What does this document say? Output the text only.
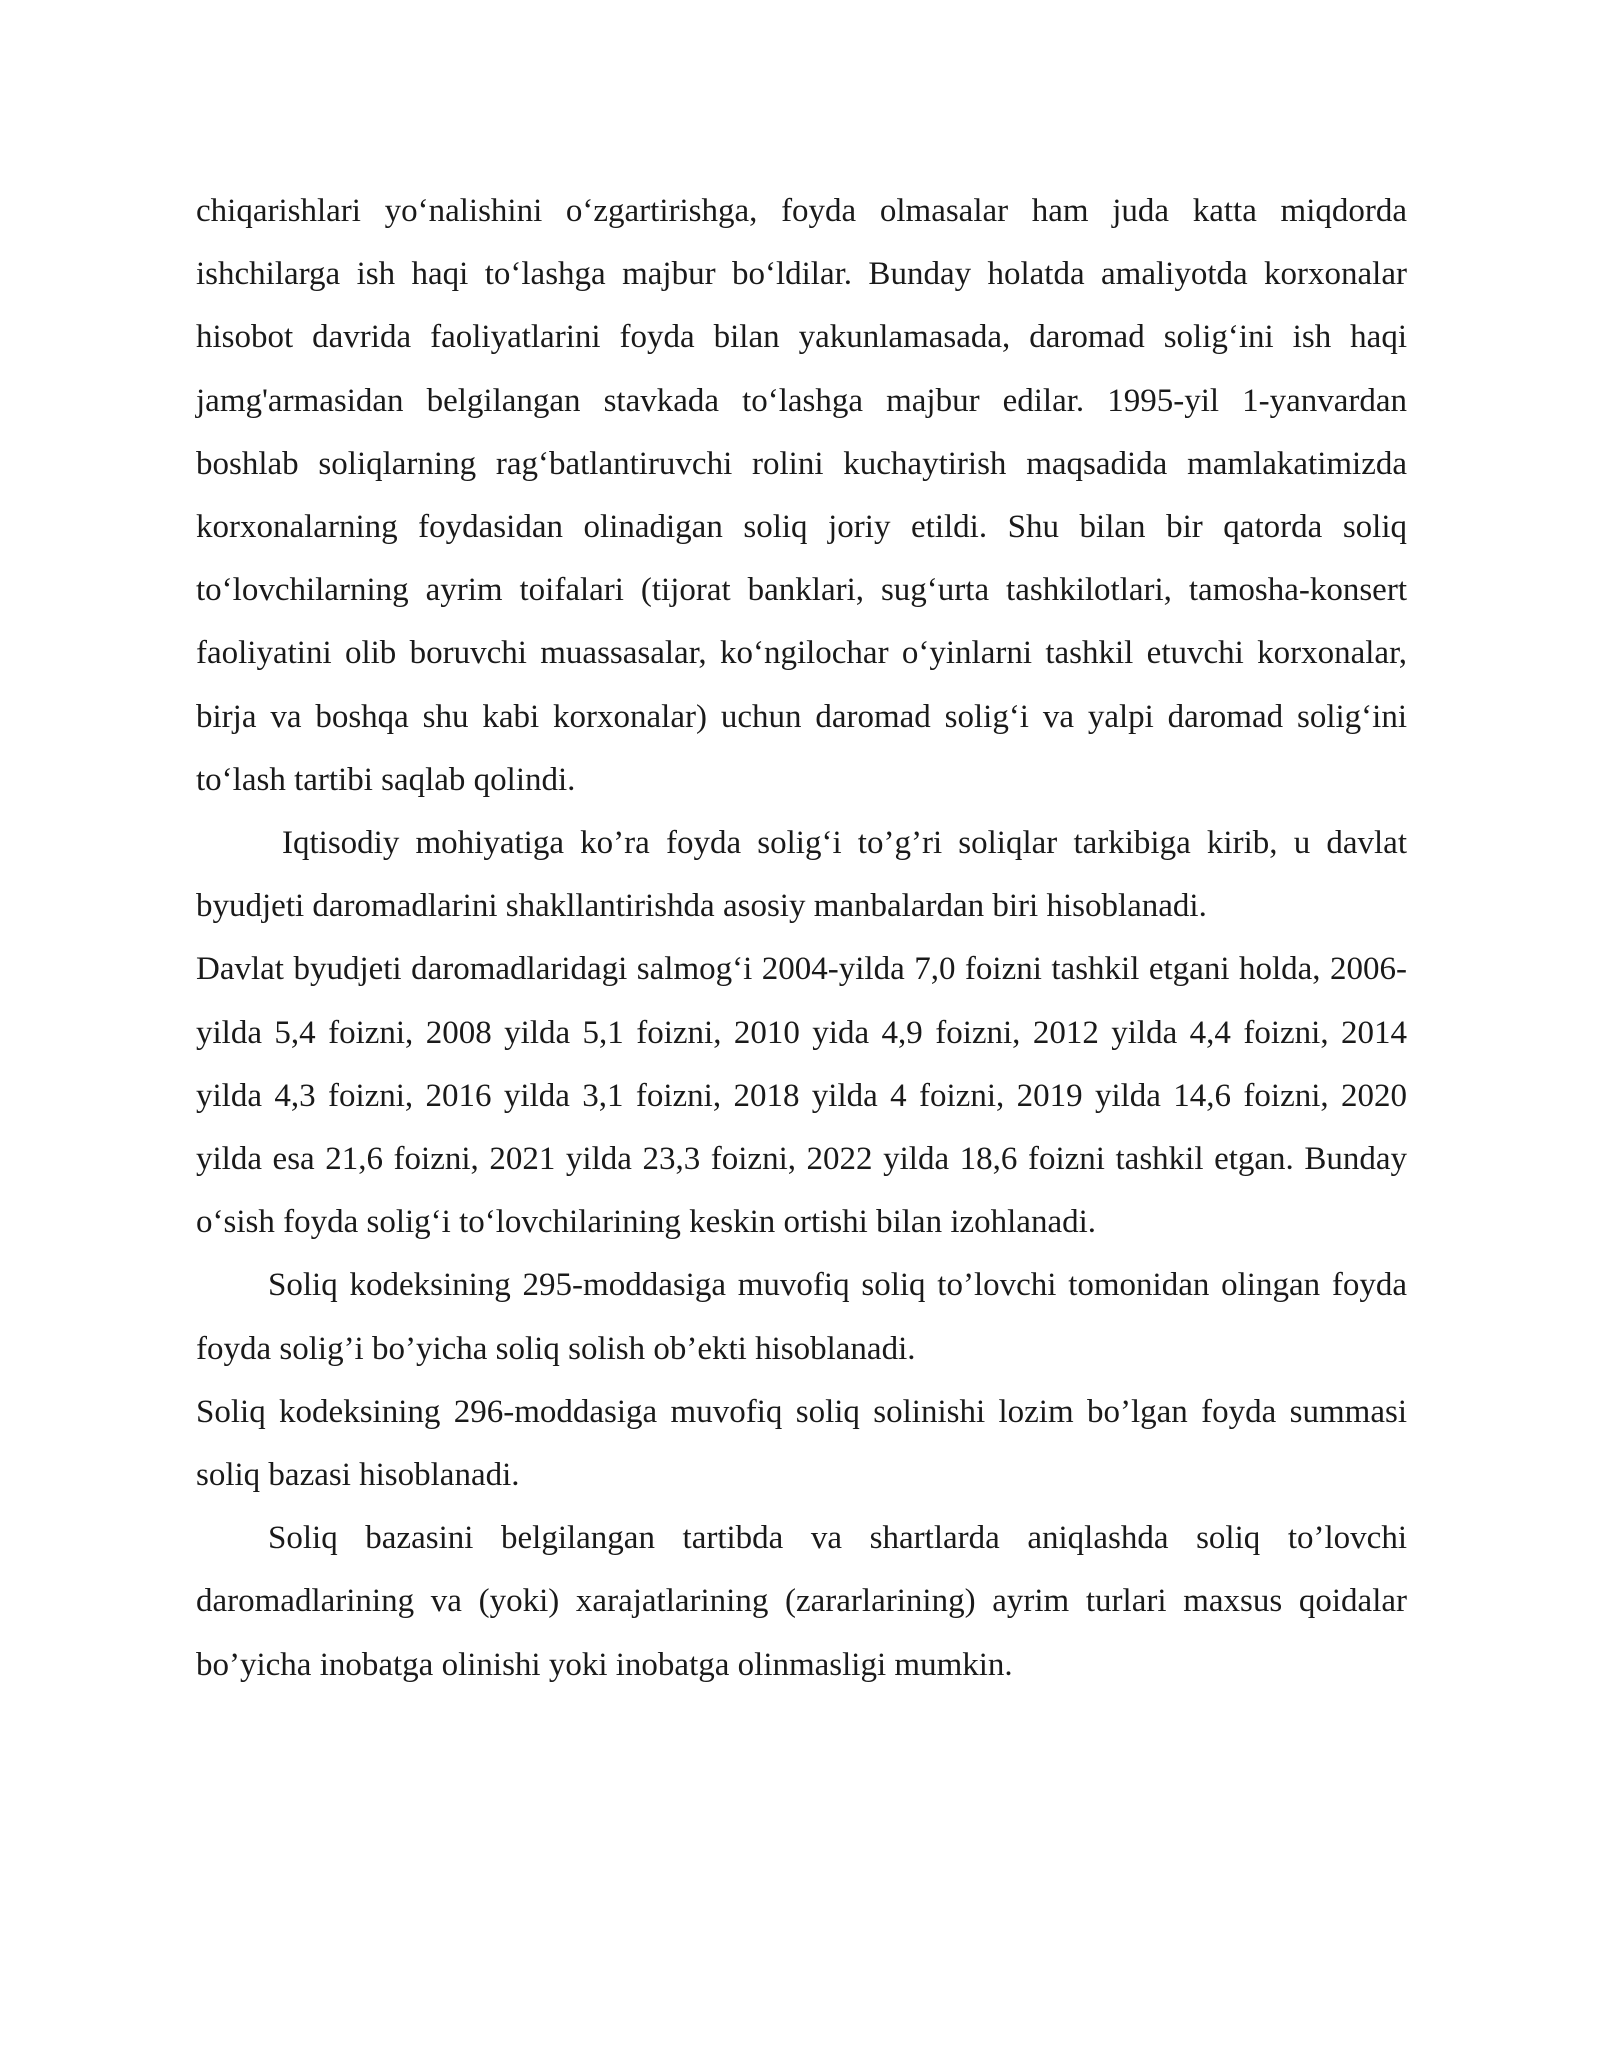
chiqarishlari yo‘nalishini o‘zgartirishga, foyda olmasalar ham juda katta miqdorda ishchilarga ish haqi to‘lashga majbur bo‘ldilar. Bunday holatda amaliyotda korxonalar hisobot davrida faoliyatlarini foyda bilan yakunlamasada, daromad solig‘ini ish haqi jamg'armasidan belgilangan stavkada to‘lashga majbur edilar. 1995-yil 1-yanvardan boshlab soliqlarning rag‘batlantiruvchi rolini kuchaytirish maqsadida mamlakatimizda korxonalarning foydasidan olinadigan soliq joriy etildi. Shu bilan bir qatorda soliq to‘lovchilarning ayrim toifalari (tijorat banklari, sug‘urta tashkilotlari, tamosha-konsert faoliyatini olib boruvchi muassasalar, ko‘ngilochar o‘yinlarni tashkil etuvchi korxonalar, birja va boshqa shu kabi korxonalar) uchun daromad solig‘i va yalpi daromad solig‘ini to‘lash tartibi saqlab qolindi.

Iqtisodiy mohiyatiga ko’ra foyda solig‘i to’g’ri soliqlar tarkibiga kirib, u davlat byudjeti daromadlarini shakllantirishda asosiy manbalardan biri hisoblanadi.

Davlat byudjeti daromadlaridagi salmog‘i 2004-yilda 7,0 foizni tashkil etgani holda, 2006-yilda 5,4 foizni, 2008 yilda 5,1 foizni, 2010 yida 4,9 foizni, 2012 yilda 4,4 foizni, 2014 yilda 4,3 foizni, 2016 yilda 3,1 foizni, 2018 yilda 4 foizni, 2019 yilda 14,6 foizni, 2020 yilda esa 21,6 foizni, 2021 yilda 23,3 foizni, 2022 yilda 18,6 foizni tashkil etgan. Bunday o‘sish foyda solig‘i to‘lovchilarining keskin ortishi bilan izohlanadi.

Soliq kodeksining 295-moddasiga muvofiq soliq to’lovchi tomonidan olingan foyda foyda solig’i bo’yicha soliq solish ob’ekti hisoblanadi.

Soliq kodeksining 296-moddasiga muvofiq soliq solinishi lozim bo’lgan foyda summasi soliq bazasi hisoblanadi.

Soliq bazasini belgilangan tartibda va shartlarda aniqlashda soliq to’lovchi daromadlarining va (yoki) xarajatlarining (zararlarining) ayrim turlari maxsus qoidalar bo’yicha inobatga olinishi yoki inobatga olinmasligi mumkin.
